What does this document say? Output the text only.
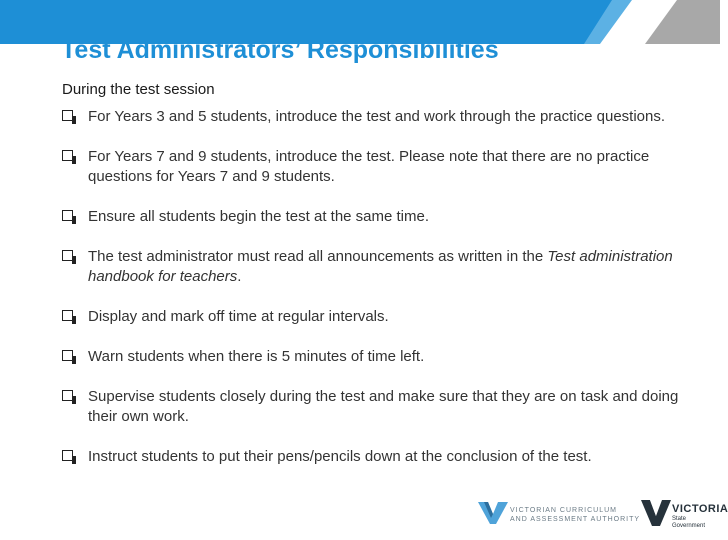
Test Administrators’ Responsibilities
During the test session
For Years 3 and 5 students, introduce the test and work through the practice questions.
For Years 7 and 9 students, introduce the test. Please note that there are no practice questions for Years 7 and 9 students.
Ensure all students begin the test at the same time.
The test administrator must read all announcements as written in the Test administration handbook for teachers.
Display and mark off time at regular intervals.
Warn students when there is 5 minutes of time left.
Supervise students closely during the test and make sure that they are on task and doing their own work.
Instruct students to put their pens/pencils down at the conclusion of the test.
VICTORIAN CURRICULUM
AND ASSESSMENT AUTHORITY
VICTORIA
State
Government
